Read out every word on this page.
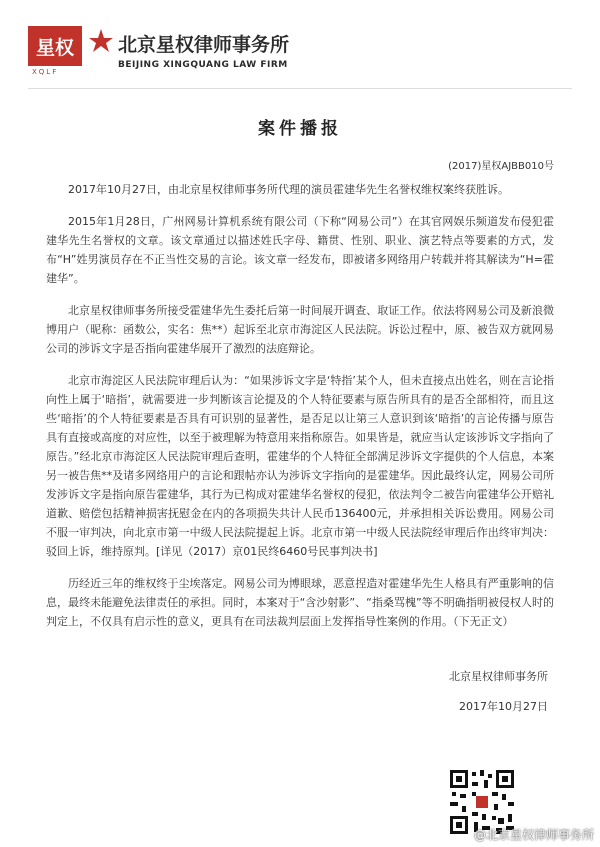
星权
XQLF
北京星权律师事务所
BEIJING XINGQUANG LAW FIRM
案件播报
(2017)星权AJBB010号

2017年10月27日，由北京星权律师事务所代理的演员霍建华先生名誉权维权案终获胜诉。

2015年1月28日，广州网易计算机系统有限公司（下称“网易公司”）在其官网娱乐频道发布侵犯霍建华先生名誉权的文章。该文章通过以描述姓氏字母、籍贯、性别、职业、演艺特点等要素的方式，发布“H”姓男演员存在不正当性交易的言论。该文章一经发布，即被诸多网络用户转载并将其解读为“H=霍建华”。

北京星权律师事务所接受霍建华先生委托后第一时间展开调查、取证工作。依法将网易公司及新浪微博用户（昵称：函数公，实名：焦**）起诉至北京市海淀区人民法院。诉讼过程中，原、被告双方就网易公司的涉诉文字是否指向霍建华展开了激烈的法庭辩论。

北京市海淀区人民法院审理后认为：“如果涉诉文字是‘特指’某个人，但未直接点出姓名，则在言论指向性上属于‘暗指’，就需要进一步判断该言论提及的个人特征要素与原告所具有的是否全部相符，而且这些‘暗指’的个人特征要素是否具有可识别的显著性，是否足以让第三人意识到该‘暗指’的言论传播与原告具有直接或高度的对应性，以至于被理解为特意用来指称原告。如果皆是，就应当认定该涉诉文字指向了原告。”经北京市海淀区人民法院审理后查明，霍建华的个人特征全部满足涉诉文字提供的个人信息，本案另一被告焦**及诸多网络用户的言论和跟帖亦认为涉诉文字指向的是霍建华。因此最终认定，网易公司所发涉诉文字是指向原告霍建华，其行为已构成对霍建华名誉权的侵犯，依法判令二被告向霍建华公开赔礼道歉、赔偿包括精神损害抚慰金在内的各项损失共计人民币136400元，并承担相关诉讼费用。网易公司不服一审判决，向北京市第一中级人民法院提起上诉。北京市第一中级人民法院经审理后作出终审判决：驳回上诉，维持原判。[详见（2017）京01民终6460号民事判决书]

历经近三年的维权终于尘埃落定。网易公司为博眼球，恶意捏造对霍建华先生人格具有严重影响的信息，最终未能避免法律责任的承担。同时，本案对于“含沙射影”、“指桑骂槐”等不明确指明被侵权人时的判定上，不仅具有启示性的意义，更具有在司法裁判层面上发挥指导性案例的作用。（下无正文）

北京星权律师事务所
2017年10月27日
@北京星权律师事务所
